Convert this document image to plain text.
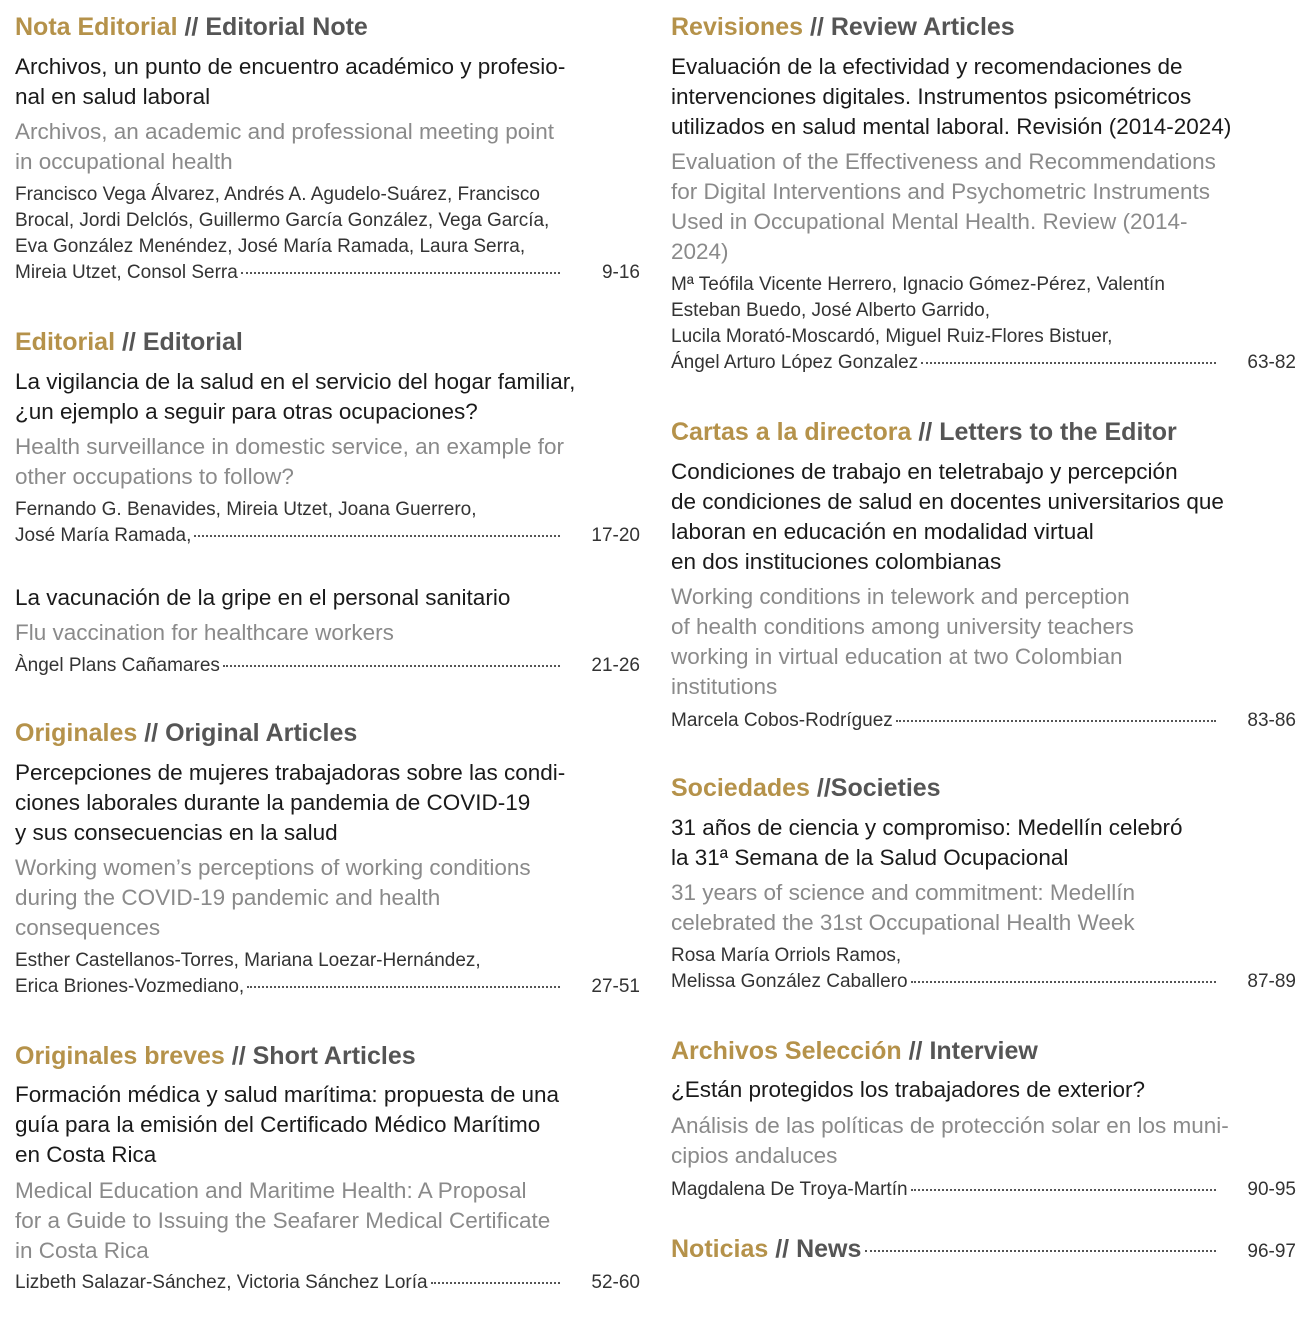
Nota Editorial // Editorial Note
Archivos, un punto de encuentro académico y profesio-
nal en salud laboral
Archivos, an academic and professional meeting point
in occupational health
Francisco Vega Álvarez, Andrés A. Agudelo-Suárez, Francisco
Brocal, Jordi Delclós, Guillermo García González, Vega García,
Eva González Menéndez, José María Ramada, Laura Serra,
Mireia Utzet, Consol Serra	9-16
Editorial // Editorial
La vigilancia de la salud en el servicio del hogar familiar,
¿un ejemplo a seguir para otras ocupaciones?
Health surveillance in domestic service, an example for
other occupations to follow?
Fernando G. Benavides, Mireia Utzet, Joana Guerrero,
José María Ramada,	17-20
La vacunación de la gripe en el personal sanitario
Flu vaccination for healthcare workers
Àngel Plans Cañamares	21-26
Originales // Original Articles
Percepciones de mujeres trabajadoras sobre las condi-
ciones laborales durante la pandemia de COVID-19
y sus consecuencias en la salud
Working women’s perceptions of working conditions
during the COVID-19 pandemic and health
consequences
Esther Castellanos-Torres, Mariana Loezar-Hernández,
Erica Briones-Vozmediano,	27-51
Originales breves // Short Articles
Formación médica y salud marítima: propuesta de una
guía para la emisión del Certificado Médico Marítimo
en Costa Rica
Medical Education and Maritime Health: A Proposal
for a Guide to Issuing the Seafarer Medical Certificate
in Costa Rica
Lizbeth Salazar-Sánchez, Victoria Sánchez Loría	52-60
Revisiones // Review Articles
Evaluación de la efectividad y recomendaciones de
intervenciones digitales. Instrumentos psicométricos
utilizados en salud mental laboral. Revisión (2014-2024)
Evaluation of the Effectiveness and Recommendations
for Digital Interventions and Psychometric Instruments
Used in Occupational Mental Health. Review (2014-
2024)
Mª Teófila Vicente Herrero, Ignacio Gómez-Pérez, Valentín
Esteban Buedo, José Alberto Garrido,
Lucila Morató-Moscardó, Miguel Ruiz-Flores Bistuer,
Ángel Arturo López Gonzalez	63-82
Cartas a la directora // Letters to the Editor
Condiciones de trabajo en teletrabajo y percepción
de condiciones de salud en docentes universitarios que
laboran en educación en modalidad virtual
en dos instituciones colombianas
Working conditions in telework and perception
of health conditions among university teachers
working in virtual education at two Colombian
institutions
Marcela Cobos-Rodríguez	83-86
Sociedades //Societies
31 años de ciencia y compromiso: Medellín celebró
la 31ª Semana de la Salud Ocupacional
31 years of science and commitment: Medellín
celebrated the 31st Occupational Health Week
Rosa María Orriols Ramos,
Melissa González Caballero	87-89
Archivos Selección // Interview
¿Están protegidos los trabajadores de exterior?
Análisis de las políticas de protección solar en los muni-
cipios andaluces
Magdalena De Troya-Martín	90-95
Noticias // News	96-97
